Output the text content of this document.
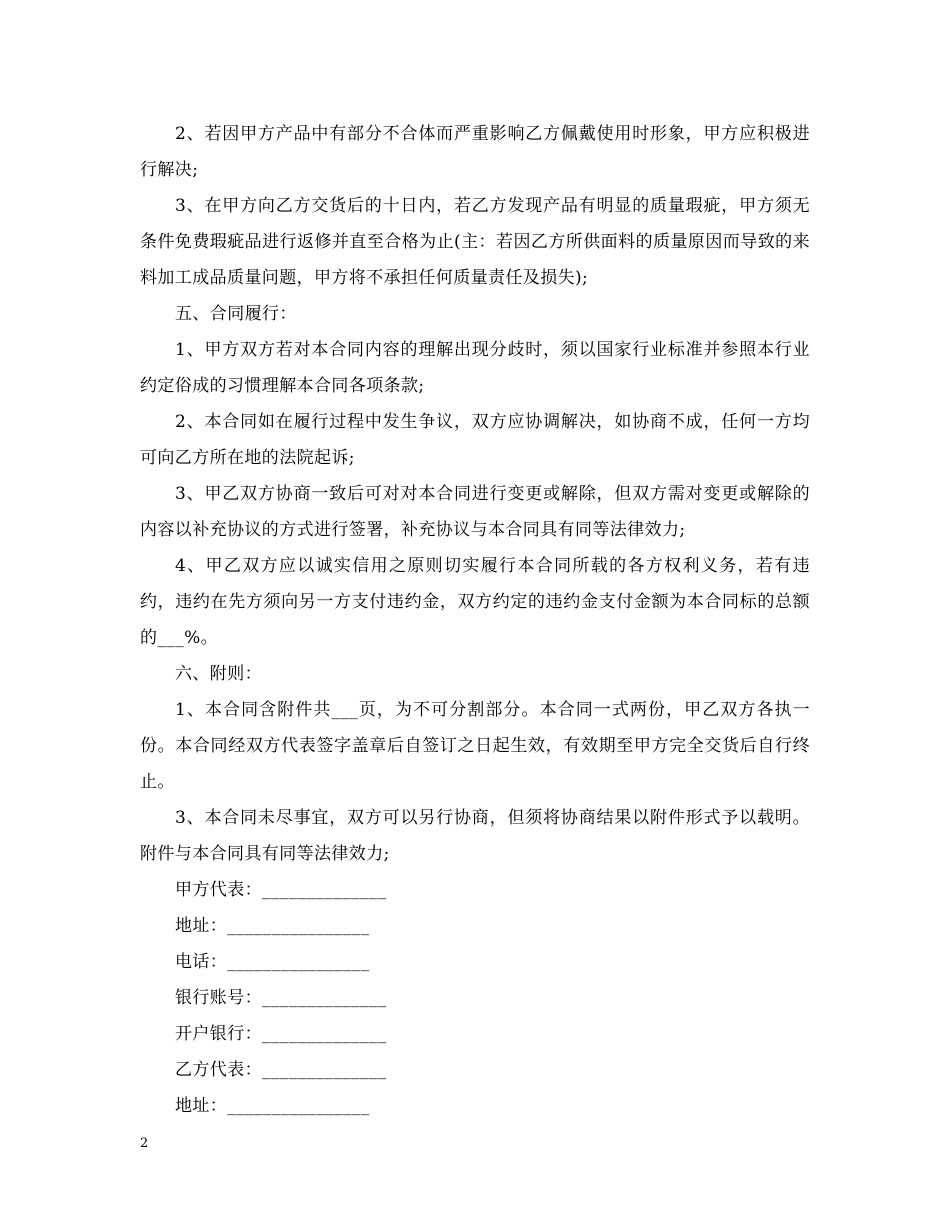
2、若因甲方产品中有部分不合体而严重影响乙方佩戴使用时形象，甲方应积极进行解决;

3、在甲方向乙方交货后的十日内，若乙方发现产品有明显的质量瑕疵，甲方须无条件免费瑕疵品进行返修并直至合格为止(主：若因乙方所供面料的质量原因而导致的来料加工成品质量问题，甲方将不承担任何质量责任及损失);

五、合同履行：

1、甲方双方若对本合同内容的理解出现分歧时，须以国家行业标准并参照本行业约定俗成的习惯理解本合同各项条款;

2、本合同如在履行过程中发生争议，双方应协调解决，如协商不成，任何一方均可向乙方所在地的法院起诉;

3、甲乙双方协商一致后可对对本合同进行变更或解除，但双方需对变更或解除的内容以补充协议的方式进行签署，补充协议与本合同具有同等法律效力;

4、甲乙双方应以诚实信用之原则切实履行本合同所载的各方权利义务，若有违约，违约在先方须向另一方支付违约金，双方约定的违约金支付金额为本合同标的总额的___%。

六、附则：

1、本合同含附件共___页，为不可分割部分。本合同一式两份，甲乙双方各执一份。本合同经双方代表签字盖章后自签订之日起生效，有效期至甲方完全交货后自行终止。

3、本合同未尽事宜，双方可以另行协商，但须将协商结果以附件形式予以载明。附件与本合同具有同等法律效力;

甲方代表：______________

地址：________________

电话：________________

银行账号：______________

开户银行：______________

乙方代表：______________

地址：________________

2
